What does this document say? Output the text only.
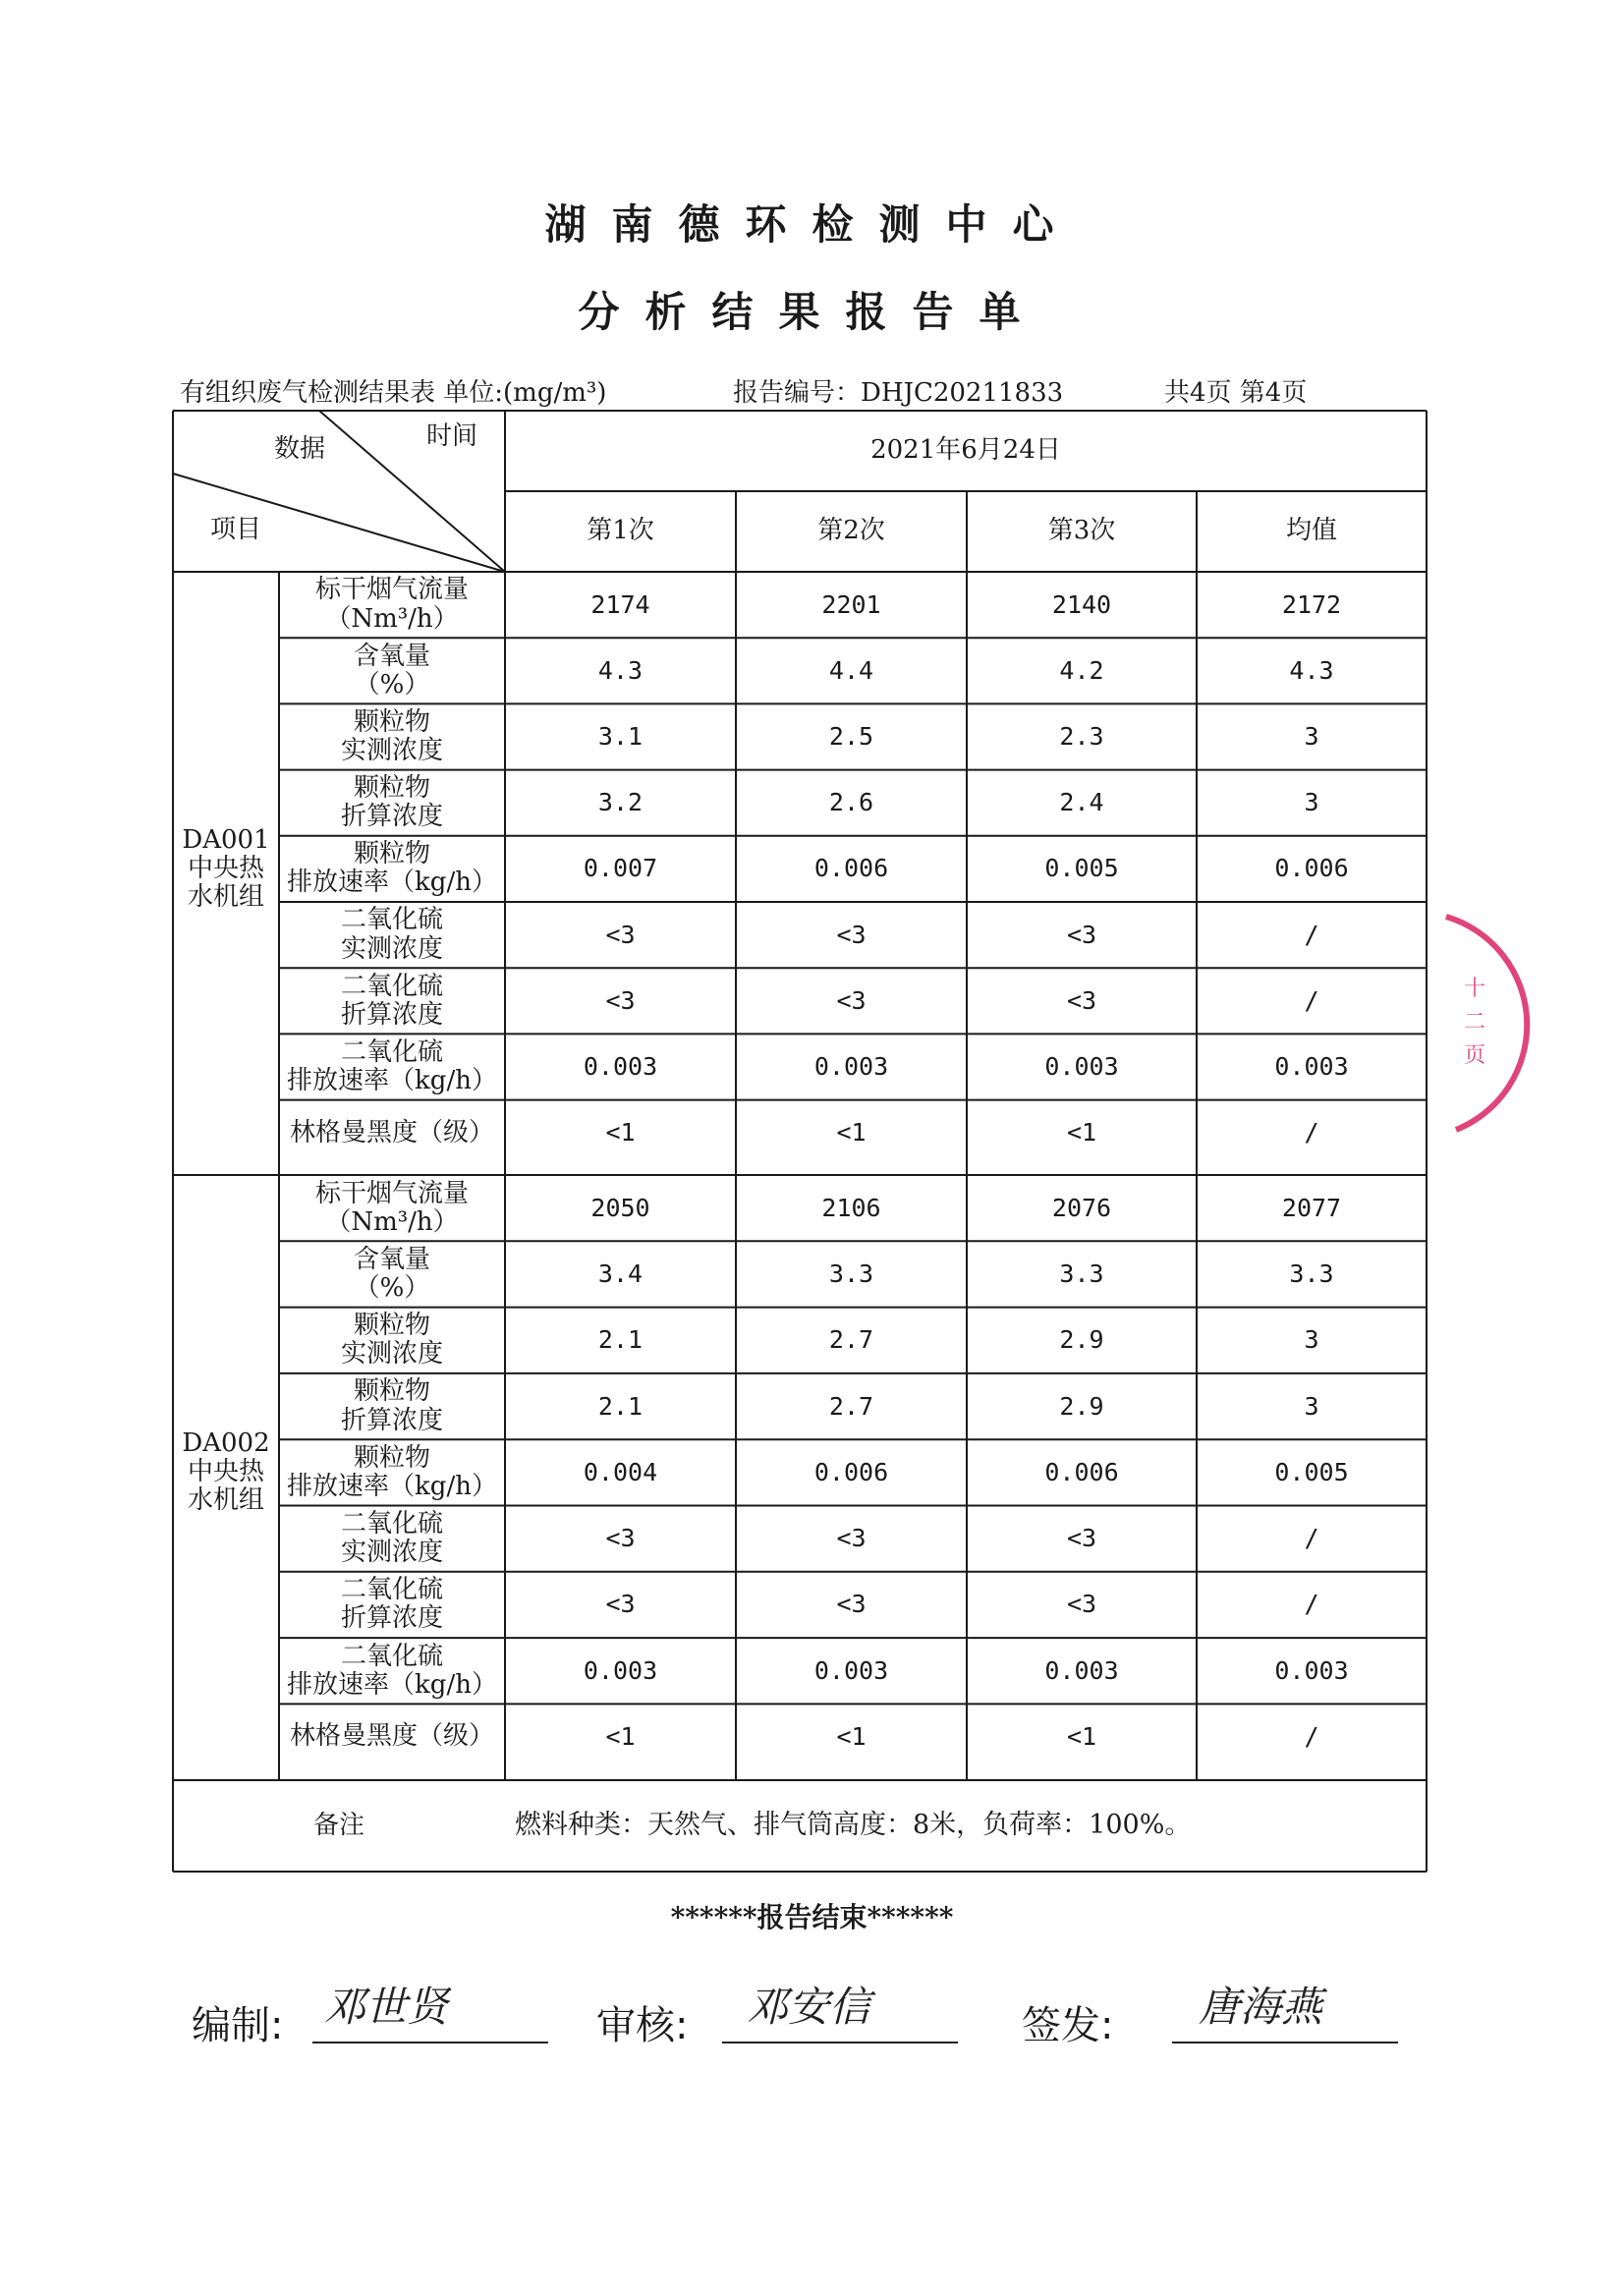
湖南德环检测中心
分析结果报告单
有组织废气检测结果表 单位:(mg/m³)	报告编号：DHJC20211833	共4页 第4页
数据	时间
项目
2021年6月24日
第1次	第2次	第3次	均值
DA001
中央热
水机组
标干烟气流量
（Nm³/h）	2174	2201	2140	2172
含氧量
（%）	4.3	4.4	4.2	4.3
颗粒物
实测浓度	3.1	2.5	2.3	3
颗粒物
折算浓度	3.2	2.6	2.4	3
颗粒物
排放速率（kg/h）	0.007	0.006	0.005	0.006
二氧化硫
实测浓度	<3	<3	<3	/
二氧化硫
折算浓度	<3	<3	<3	/
二氧化硫
排放速率（kg/h）	0.003	0.003	0.003	0.003
林格曼黑度（级）	<1	<1	<1	/
DA002
中央热
水机组
标干烟气流量
（Nm³/h）	2050	2106	2076	2077
含氧量
（%）	3.4	3.3	3.3	3.3
颗粒物
实测浓度	2.1	2.7	2.9	3
颗粒物
折算浓度	2.1	2.7	2.9	3
颗粒物
排放速率（kg/h）	0.004	0.006	0.006	0.005
二氧化硫
实测浓度	<3	<3	<3	/
二氧化硫
折算浓度	<3	<3	<3	/
二氧化硫
排放速率（kg/h）	0.003	0.003	0.003	0.003
林格曼黑度（级）	<1	<1	<1	/
备注	燃料种类：天然气、排气筒高度：8米，负荷率：100%。
******报告结束******
编制: 邓世贤	审核: 邓安信	签发: 唐海燕
十 二 页
